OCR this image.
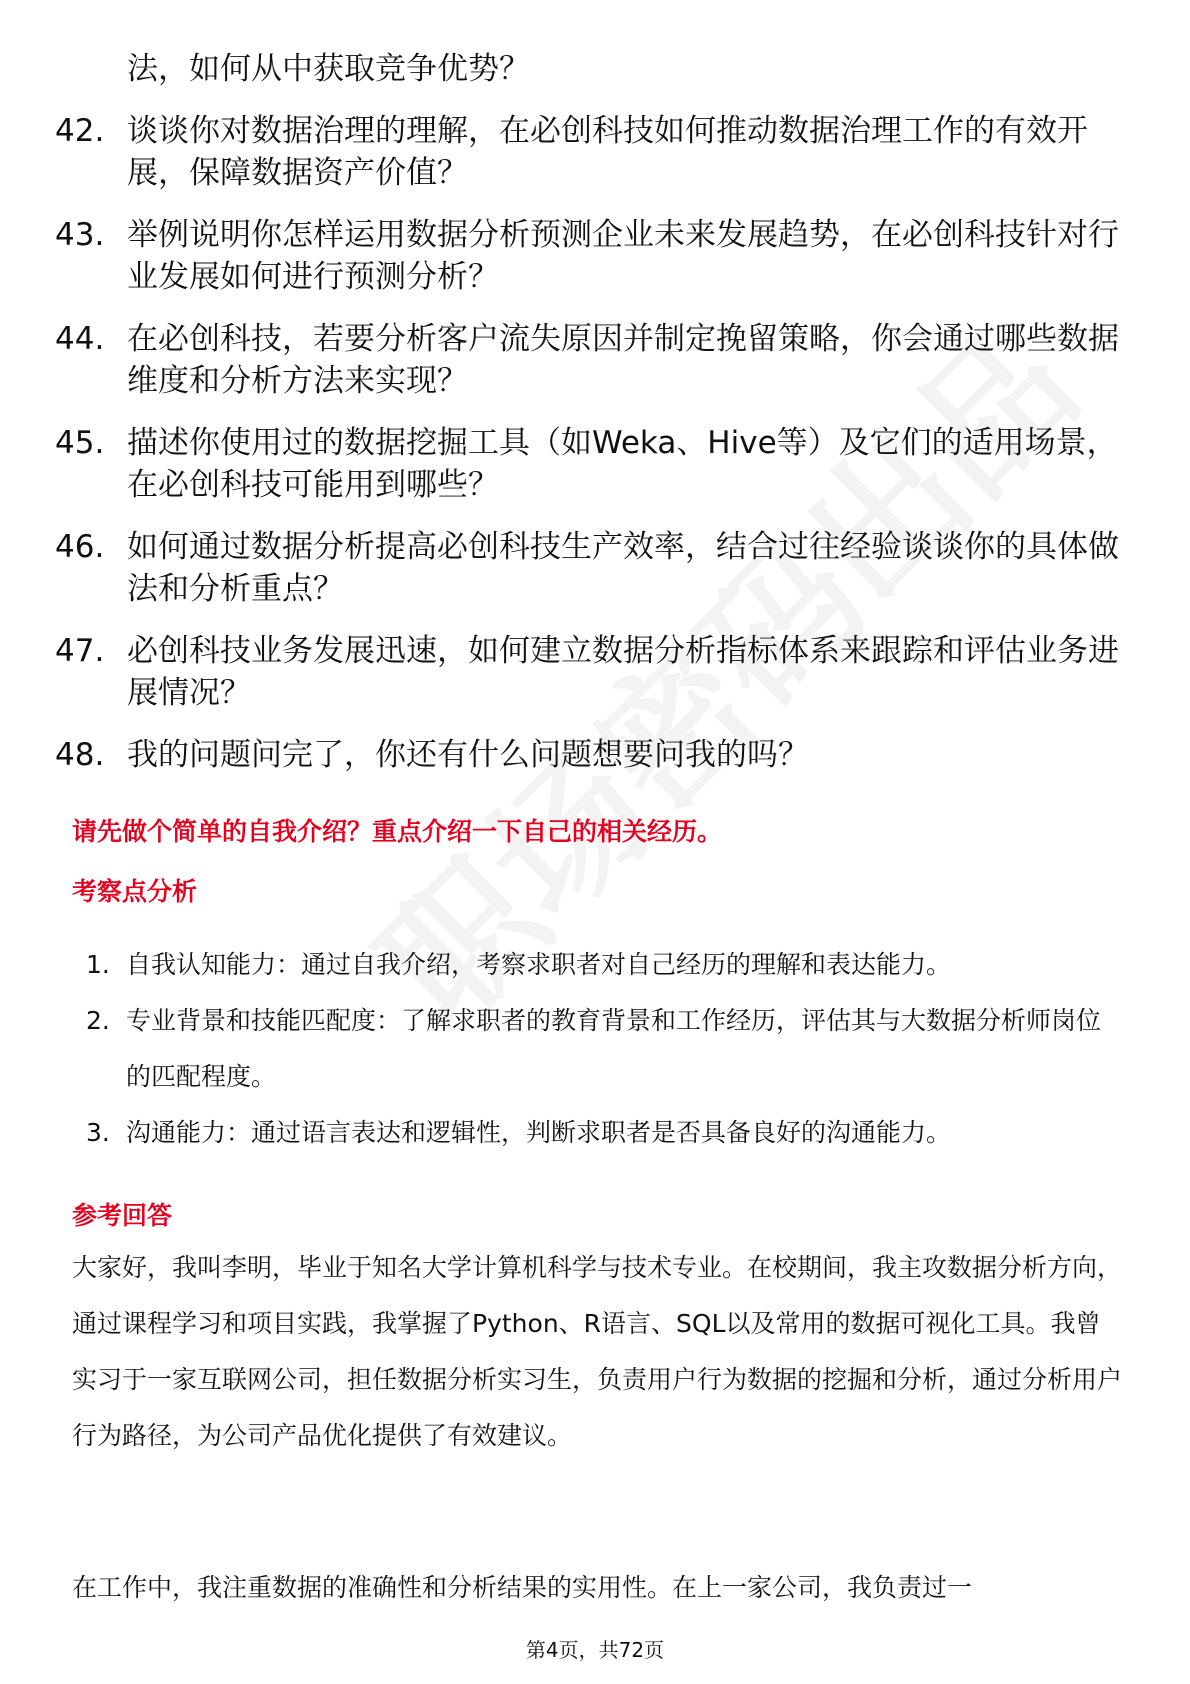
法，如何从中获取竞争优势？
42. 谈谈你对数据治理的理解，在必创科技如何推动数据治理工作的有效开展，保障数据资产价值？
43. 举例说明你怎样运用数据分析预测企业未来发展趋势，在必创科技针对行业发展如何进行预测分析？
44. 在必创科技，若要分析客户流失原因并制定挽留策略，你会通过哪些数据维度和分析方法来实现？
45. 描述你使用过的数据挖掘工具（如Weka、Hive等）及它们的适用场景，在必创科技可能用到哪些？
46. 如何通过数据分析提高必创科技生产效率，结合过往经验谈谈你的具体做法和分析重点？
47. 必创科技业务发展迅速，如何建立数据分析指标体系来跟踪和评估业务进展情况？
48. 我的问题问完了，你还有什么问题想要问我的吗？
请先做个简单的自我介绍？重点介绍一下自己的相关经历。
考察点分析
1. 自我认知能力：通过自我介绍，考察求职者对自己经历的理解和表达能力。
2. 专业背景和技能匹配度：了解求职者的教育背景和工作经历，评估其与大数据分析师岗位的匹配程度。
3. 沟通能力：通过语言表达和逻辑性，判断求职者是否具备良好的沟通能力。
参考回答
大家好，我叫李明，毕业于知名大学计算机科学与技术专业。在校期间，我主攻数据分析方向，通过课程学习和项目实践，我掌握了Python、R语言、SQL以及常用的数据可视化工具。我曾实习于一家互联网公司，担任数据分析实习生，负责用户行为数据的挖掘和分析，通过分析用户行为路径，为公司产品优化提供了有效建议。
在工作中，我注重数据的准确性和分析结果的实用性。在上一家公司，我负责过一
第4页，共72页
